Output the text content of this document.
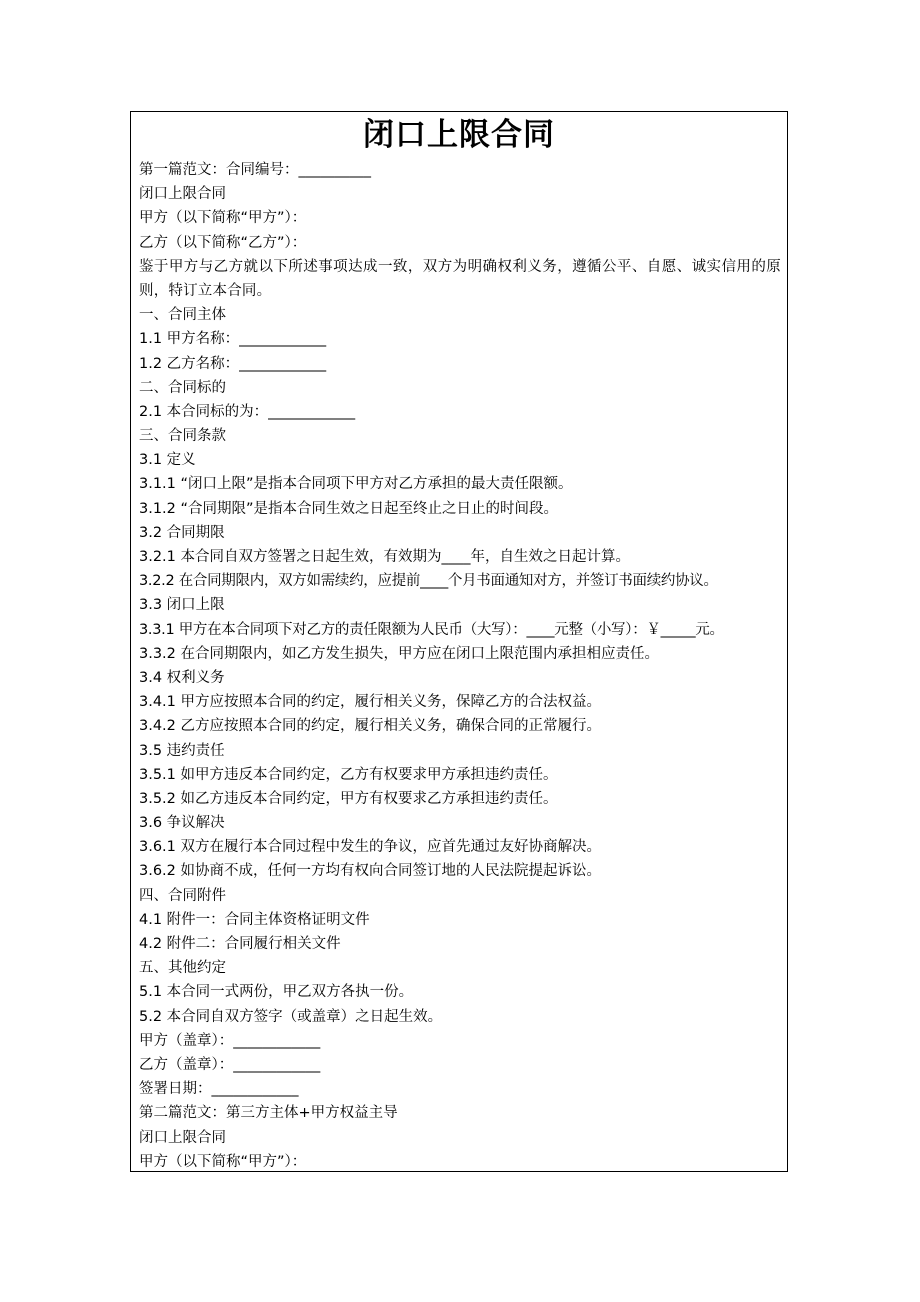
闭口上限合同
第一篇范文：合同编号：__________
闭口上限合同
甲方（以下简称“甲方”）：
乙方（以下简称“乙方”）：
鉴于甲方与乙方就以下所述事项达成一致，双方为明确权利义务，遵循公平、自愿、诚实信用的原则，特订立本合同。
一、合同主体
1.1 甲方名称：____________
1.2 乙方名称：____________
二、合同标的
2.1 本合同标的为：____________
三、合同条款
3.1 定义
3.1.1 “闭口上限”是指本合同项下甲方对乙方承担的最大责任限额。
3.1.2 “合同期限”是指本合同生效之日起至终止之日止的时间段。
3.2 合同期限
3.2.1 本合同自双方签署之日起生效，有效期为____年，自生效之日起计算。
3.2.2 在合同期限内，双方如需续约，应提前____个月书面通知对方，并签订书面续约协议。
3.3 闭口上限
3.3.1 甲方在本合同项下对乙方的责任限额为人民币（大写）：____元整（小写）：￥_____元。
3.3.2 在合同期限内，如乙方发生损失，甲方应在闭口上限范围内承担相应责任。
3.4 权利义务
3.4.1 甲方应按照本合同的约定，履行相关义务，保障乙方的合法权益。
3.4.2 乙方应按照本合同的约定，履行相关义务，确保合同的正常履行。
3.5 违约责任
3.5.1 如甲方违反本合同约定，乙方有权要求甲方承担违约责任。
3.5.2 如乙方违反本合同约定，甲方有权要求乙方承担违约责任。
3.6 争议解决
3.6.1 双方在履行本合同过程中发生的争议，应首先通过友好协商解决。
3.6.2 如协商不成，任何一方均有权向合同签订地的人民法院提起诉讼。
四、合同附件
4.1 附件一：合同主体资格证明文件
4.2 附件二：合同履行相关文件
五、其他约定
5.1 本合同一式两份，甲乙双方各执一份。
5.2 本合同自双方签字（或盖章）之日起生效。
甲方（盖章）：____________
乙方（盖章）：____________
签署日期：____________
第二篇范文：第三方主体+甲方权益主导
闭口上限合同
甲方（以下简称“甲方”）：
